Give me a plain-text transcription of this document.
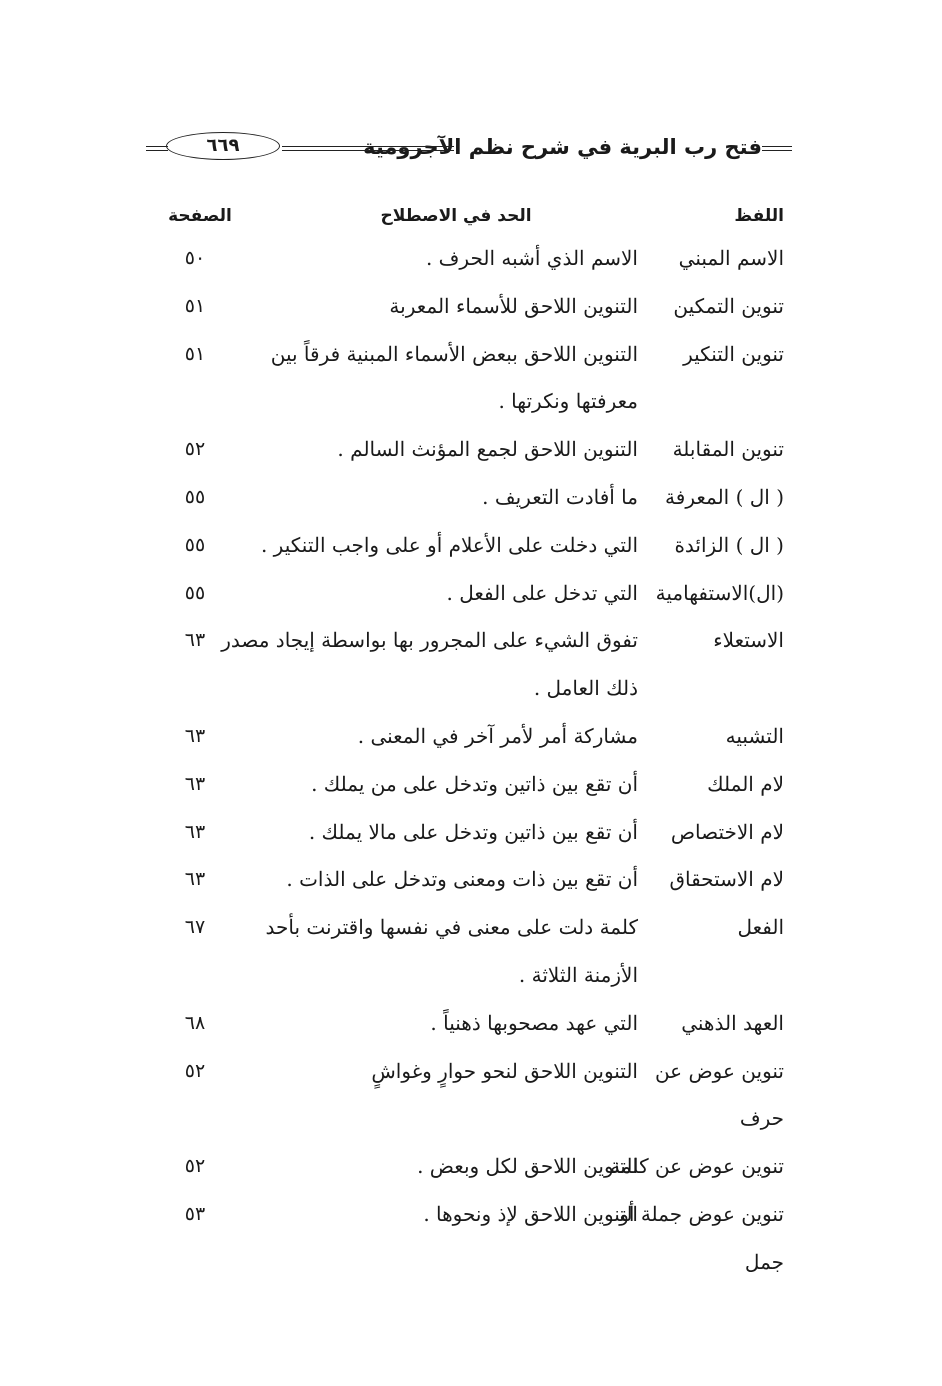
فتح رب البرية في شرح نظم الآجرومية
٦٦٩
اللفظ
الحد في الاصطلاح
الصفحة
الاسم المبني
الاسم الذي أشبه الحرف .
٥٠
تنوين التمكين
التنوين اللاحق للأسماء المعربة
٥١
تنوين التنكير
التنوين اللاحق ببعض الأسماء المبنية فرقاً بين
٥١
معرفتها ونكرتها .
تنوين المقابلة
التنوين اللاحق لجمع المؤنث السالم .
٥٢
( ال ) المعرفة
ما أفادت التعريف .
٥٥
( ال ) الزائدة
التي دخلت على الأعلام أو على واجب التنكير .
٥٥
(ال)الاستفهامية
التي تدخل على الفعل .
٥٥
الاستعلاء
تفوق الشيء على المجرور بها بواسطة إيجاد مصدر
٦٣
ذلك العامل .
التشبيه
مشاركة أمر لأمر آخر في المعنى .
٦٣
لام الملك
أن تقع بين ذاتين وتدخل على من يملك .
٦٣
لام الاختصاص
أن تقع بين ذاتين وتدخل على مالا يملك .
٦٣
لام الاستحقاق
أن تقع بين ذات ومعنى وتدخل على الذات .
٦٣
الفعل
كلمة دلت على معنى في نفسها واقترنت بأحد
٦٧
الأزمنة الثلاثة .
العهد الذهني
التي عهد مصحوبها ذهنياً .
٦٨
تنوين عوض عن
التنوين اللاحق لنحو حوارٍ وغواشٍ
٥٢
حرف
تنوين عوض عن كلمة
التنوين اللاحق لكل وبعض .
٥٢
تنوين عوض جملة أو
التنوين اللاحق لإذ ونحوها .
٥٣
جمل
